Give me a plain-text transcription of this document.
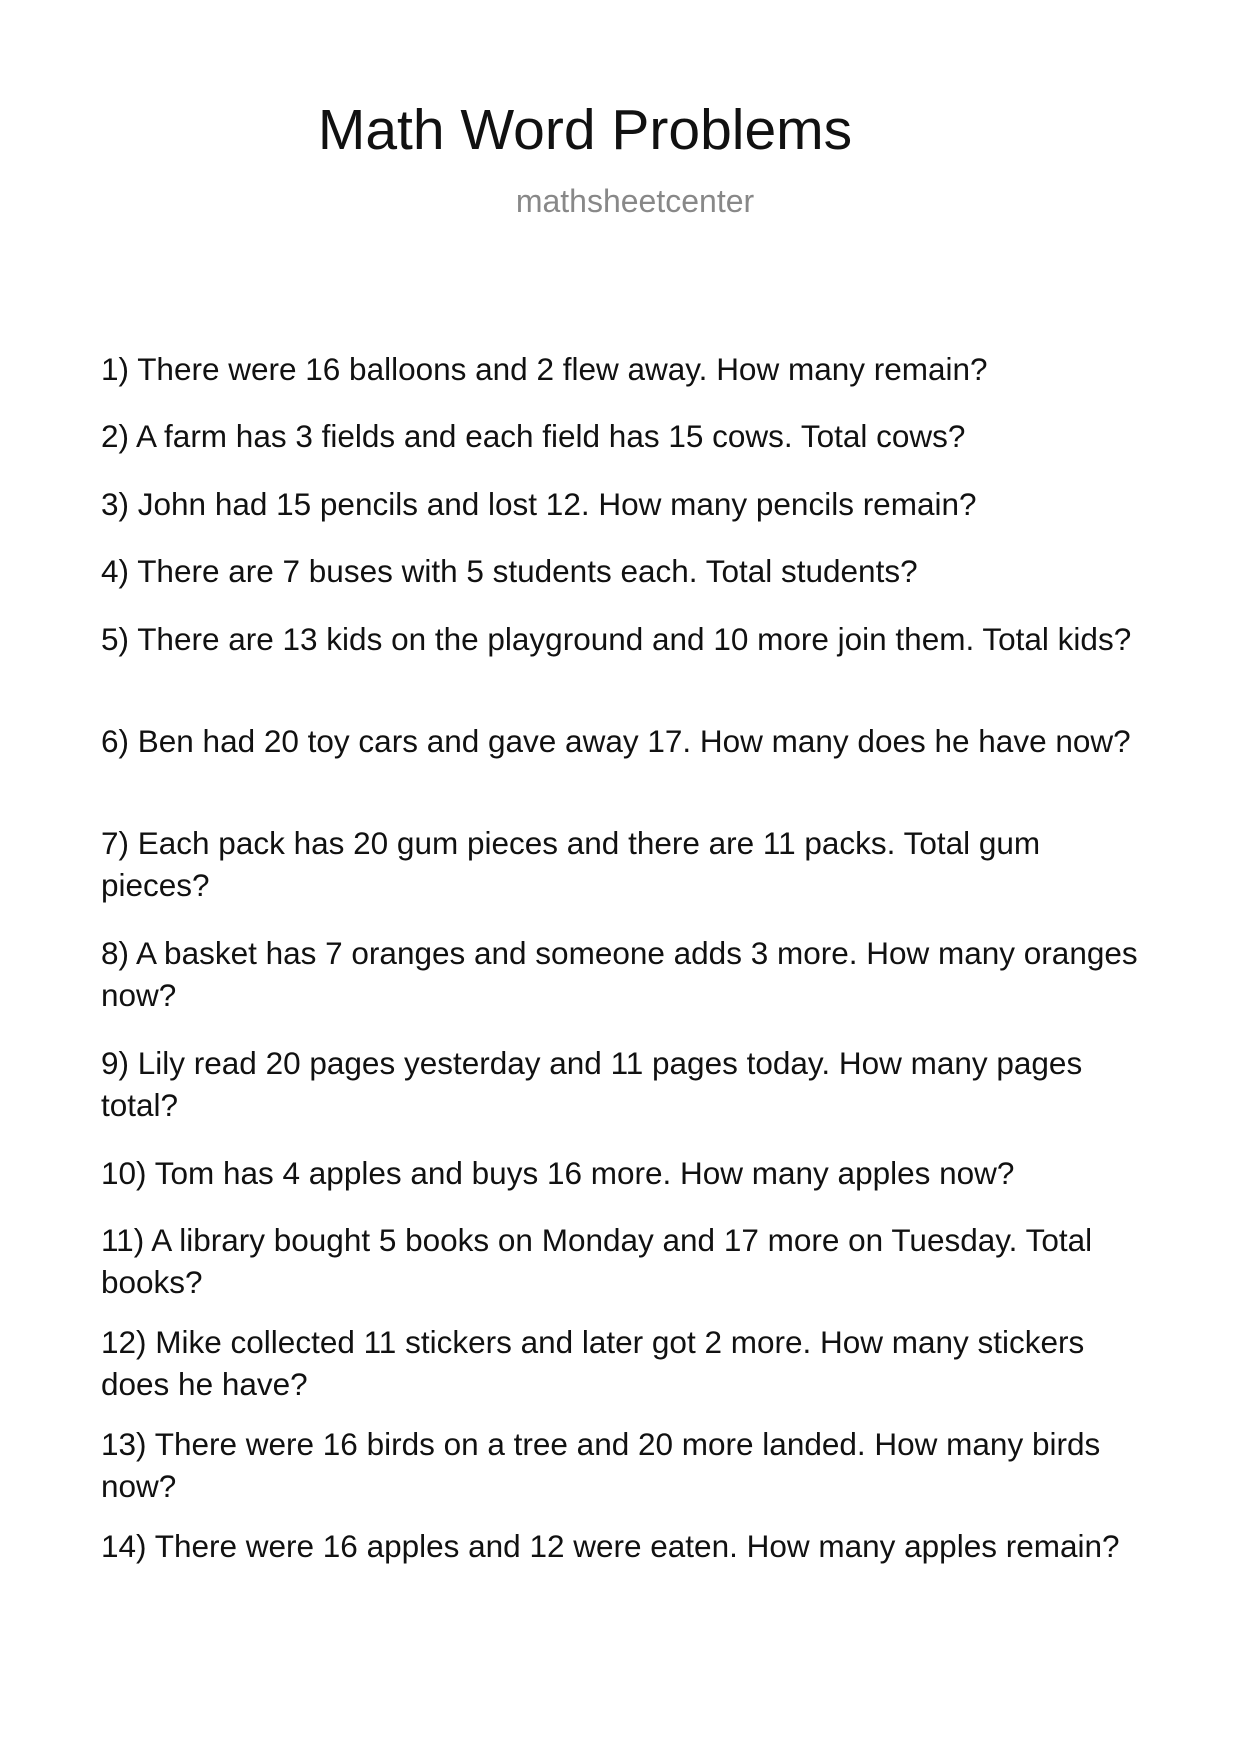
Math Word Problems
mathsheetcenter
1) There were 16 balloons and 2 flew away. How many remain?
2) A farm has 3 fields and each field has 15 cows. Total cows?
3) John had 15 pencils and lost 12. How many pencils remain?
4) There are 7 buses with 5 students each. Total students?
5) There are 13 kids on the playground and 10 more join them. Total kids?
6) Ben had 20 toy cars and gave away 17. How many does he have now?
7) Each pack has 20 gum pieces and there are 11 packs. Total gum pieces?
8) A basket has 7 oranges and someone adds 3 more. How many oranges now?
9) Lily read 20 pages yesterday and 11 pages today. How many pages total?
10) Tom has 4 apples and buys 16 more. How many apples now?
11) A library bought 5 books on Monday and 17 more on Tuesday. Total books?
12) Mike collected 11 stickers and later got 2 more. How many stickers does he have?
13) There were 16 birds on a tree and 20 more landed. How many birds now?
14) There were 16 apples and 12 were eaten. How many apples remain?
